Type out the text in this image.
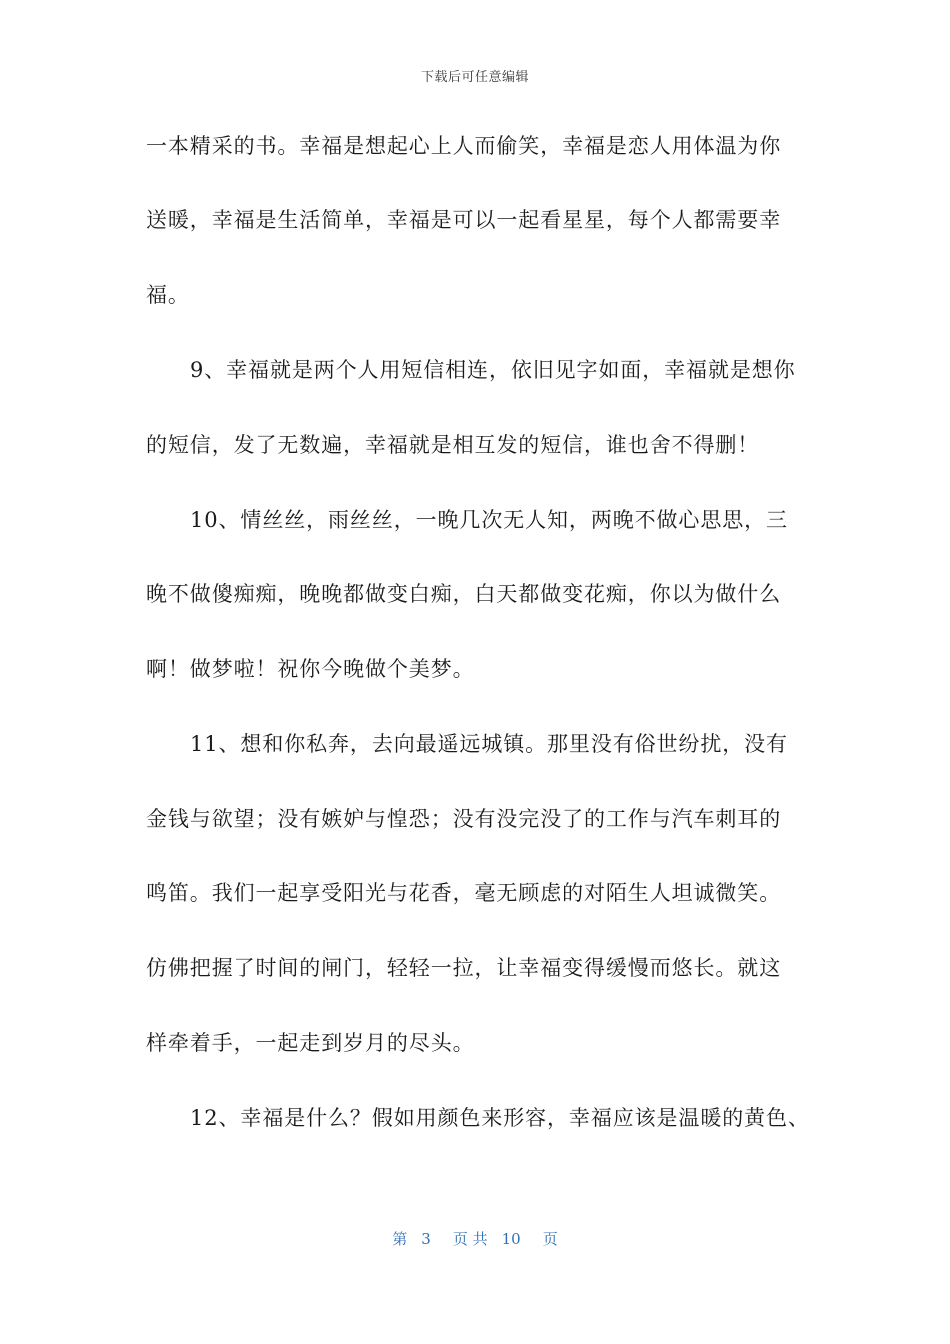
下载后可任意编辑
一本精采的书。幸福是想起心上人而偷笑，幸福是恋人用体温为你
送暖，幸福是生活简单，幸福是可以一起看星星，每个人都需要幸
福。
9、幸福就是两个人用短信相连，依旧见字如面，幸福就是想你
的短信，发了无数遍，幸福就是相互发的短信，谁也舍不得删！
10、情丝丝，雨丝丝，一晚几次无人知，两晚不做心思思，三
晚不做傻痴痴，晚晚都做变白痴，白天都做变花痴，你以为做什么
啊！做梦啦！祝你今晚做个美梦。
11、想和你私奔，去向最遥远城镇。那里没有俗世纷扰，没有
金钱与欲望；没有嫉妒与惶恐；没有没完没了的工作与汽车刺耳的
鸣笛。我们一起享受阳光与花香，毫无顾虑的对陌生人坦诚微笑。
仿佛把握了时间的闸门，轻轻一拉，让幸福变得缓慢而悠长。就这
样牵着手，一起走到岁月的尽头。
12、幸福是什么？假如用颜色来形容，幸福应该是温暖的黄色、
第 3 页 共 10 页
